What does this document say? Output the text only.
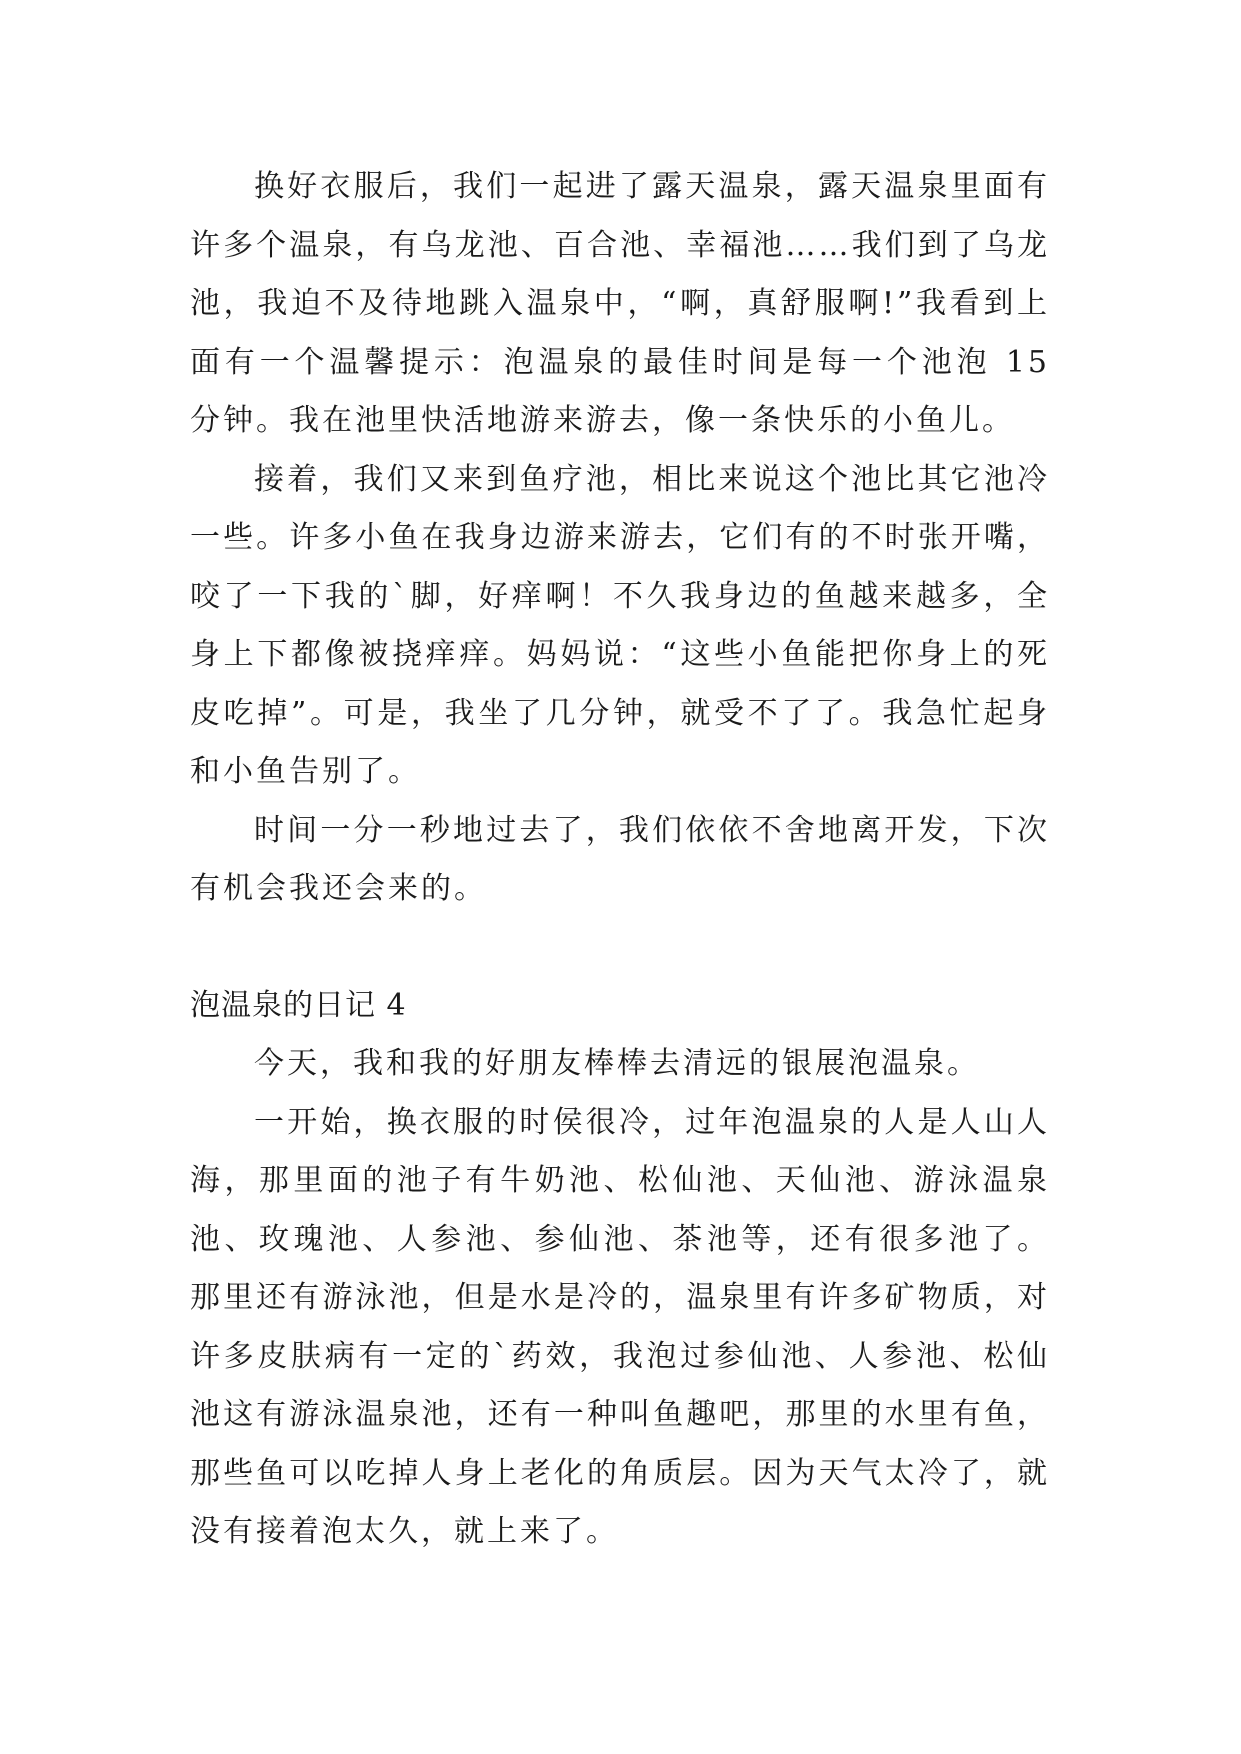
换好衣服后，我们一起进了露天温泉，露天温泉里面有许多个温泉，有乌龙池、百合池、幸福池……我们到了乌龙池，我迫不及待地跳入温泉中，“啊，真舒服啊!”我看到上面有一个温馨提示：泡温泉的最佳时间是每一个池泡 15 分钟。我在池里快活地游来游去，像一条快乐的小鱼儿。

接着，我们又来到鱼疗池，相比来说这个池比其它池冷一些。许多小鱼在我身边游来游去，它们有的不时张开嘴，咬了一下我的`脚，好痒啊！不久我身边的鱼越来越多，全身上下都像被挠痒痒。妈妈说：“这些小鱼能把你身上的死皮吃掉”。可是，我坐了几分钟，就受不了了。我急忙起身和小鱼告别了。

时间一分一秒地过去了，我们依依不舍地离开发，下次有机会我还会来的。

泡温泉的日记 4

今天，我和我的好朋友棒棒去清远的银展泡温泉。

一开始，换衣服的时侯很冷，过年泡温泉的人是人山人海，那里面的池子有牛奶池、松仙池、天仙池、游泳温泉池、玫瑰池、人参池、参仙池、茶池等，还有很多池了。 那里还有游泳池，但是水是冷的，温泉里有许多矿物质，对许多皮肤病有一定的`药效，我泡过参仙池、人参池、松仙池这有游泳温泉池，还有一种叫鱼趣吧，那里的水里有鱼，那些鱼可以吃掉人身上老化的角质层。因为天气太冷了，就没有接着泡太久，就上来了。
